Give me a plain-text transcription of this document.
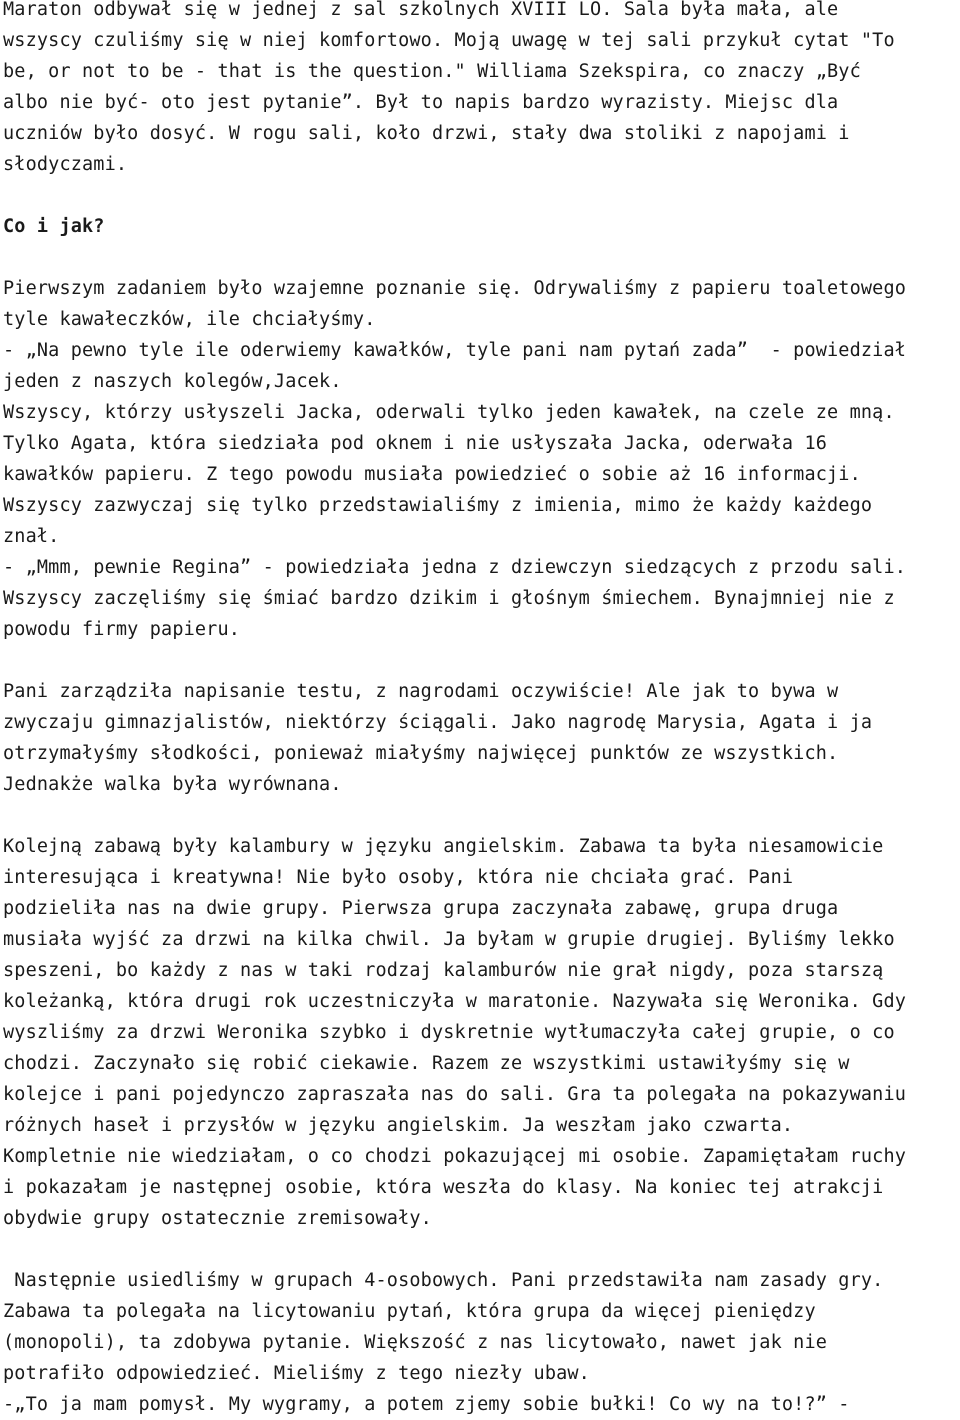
Maraton odbywał się w jednej z sal szkolnych XVIII LO. Sala była mała, ale
wszyscy czuliśmy się w niej komfortowo. Moją uwagę w tej sali przykuł cytat "To
be, or not to be - that is the question." Williama Szekspira, co znaczy „Być
albo nie być- oto jest pytanie”. Był to napis bardzo wyrazisty. Miejsc dla
uczniów było dosyć. W rogu sali, koło drzwi, stały dwa stoliki z napojami i
słodyczami.
Co i jak?
Pierwszym zadaniem było wzajemne poznanie się. Odrywaliśmy z papieru toaletowego
tyle kawałeczków, ile chciałyśmy.
- „Na pewno tyle ile oderwiemy kawałków, tyle pani nam pytań zada”  - powiedział
jeden z naszych kolegów,Jacek.
Wszyscy, którzy usłyszeli Jacka, oderwali tylko jeden kawałek, na czele ze mną.
Tylko Agata, która siedziała pod oknem i nie usłyszała Jacka, oderwała 16
kawałków papieru. Z tego powodu musiała powiedzieć o sobie aż 16 informacji.
Wszyscy zazwyczaj się tylko przedstawialiśmy z imienia, mimo że każdy każdego
znał.
- „Mmm, pewnie Regina” - powiedziała jedna z dziewczyn siedzących z przodu sali.
Wszyscy zaczęliśmy się śmiać bardzo dzikim i głośnym śmiechem. Bynajmniej nie z
powodu firmy papieru.
Pani zarządziła napisanie testu, z nagrodami oczywiście! Ale jak to bywa w
zwyczaju gimnazjalistów, niektórzy ściągali. Jako nagrodę Marysia, Agata i ja
otrzymałyśmy słodkości, ponieważ miałyśmy najwięcej punktów ze wszystkich.
Jednakże walka była wyrównana.
Kolejną zabawą były kalambury w języku angielskim. Zabawa ta była niesamowicie
interesująca i kreatywna! Nie było osoby, która nie chciała grać. Pani
podzieliła nas na dwie grupy. Pierwsza grupa zaczynała zabawę, grupa druga
musiała wyjść za drzwi na kilka chwil. Ja byłam w grupie drugiej. Byliśmy lekko
speszeni, bo każdy z nas w taki rodzaj kalamburów nie grał nigdy, poza starszą
koleżanką, która drugi rok uczestniczyła w maratonie. Nazywała się Weronika. Gdy
wyszliśmy za drzwi Weronika szybko i dyskretnie wytłumaczyła całej grupie, o co
chodzi. Zaczynało się robić ciekawie. Razem ze wszystkimi ustawiłyśmy się w
kolejce i pani pojedynczo zapraszała nas do sali. Gra ta polegała na pokazywaniu
różnych haseł i przysłów w języku angielskim. Ja weszłam jako czwarta.
Kompletnie nie wiedziałam, o co chodzi pokazującej mi osobie. Zapamiętałam ruchy
i pokazałam je następnej osobie, która weszła do klasy. Na koniec tej atrakcji
obydwie grupy ostatecznie zremisowały.
Następnie usiedliśmy w grupach 4-osobowych. Pani przedstawiła nam zasady gry.
Zabawa ta polegała na licytowaniu pytań, która grupa da więcej pieniędzy
(monopoli), ta zdobywa pytanie. Większość z nas licytowało, nawet jak nie
potrafiło odpowiedzieć. Mieliśmy z tego niezły ubaw.
-„To ja mam pomysł. My wygramy, a potem zjemy sobie bułki! Co wy na to!?” -
